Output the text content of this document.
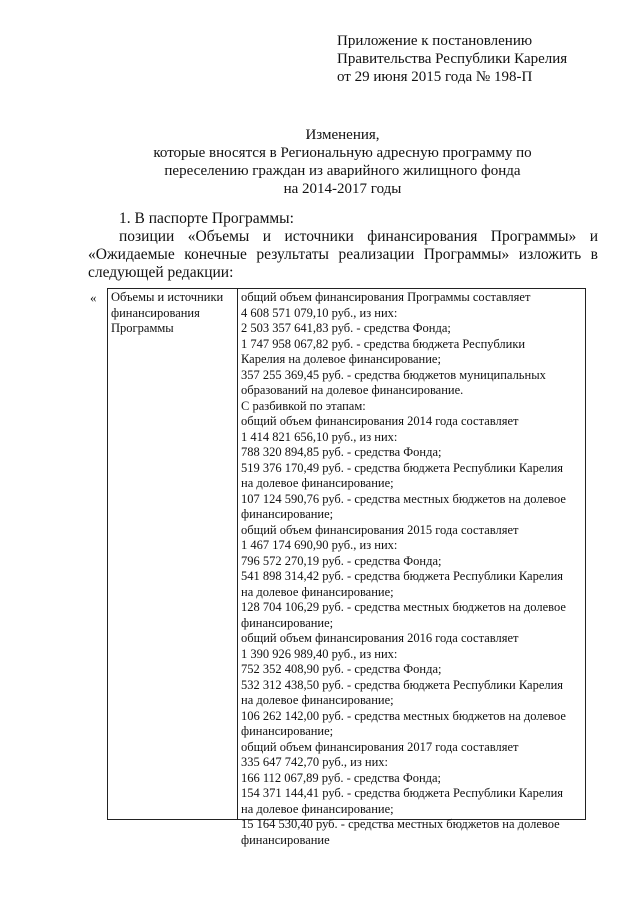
Приложение к постановлению
Правительства Республики Карелия
от 29 июня 2015 года № 198-П
Изменения,
которые вносятся в Региональную адресную программу по
переселению граждан из аварийного жилищного фонда
на 2014-2017 годы
1. В паспорте Программы:
позиции «Объемы и источники финансирования Программы» и «Ожидаемые конечные результаты реализации Программы» изложить в следующей редакции:
« Объемы и источники
финансирования
Программы
общий объем финансирования Программы составляет
4 608 571 079,10 руб., из них:
2 503 357 641,83 руб. - средства Фонда;
1 747 958 067,82 руб. - средства бюджета Республики
Карелия на долевое финансирование;
357 255 369,45 руб. - средства бюджетов муниципальных
образований на долевое финансирование.
С разбивкой по этапам:
общий объем финансирования 2014 года составляет
1 414 821 656,10 руб., из них:
788 320 894,85 руб. - средства Фонда;
519 376 170,49 руб. - средства бюджета Республики Карелия
на долевое финансирование;
107 124 590,76 руб. - средства местных бюджетов на долевое
финансирование;
общий объем финансирования 2015 года составляет
1 467 174 690,90 руб., из них:
796 572 270,19 руб. - средства Фонда;
541 898 314,42 руб. - средства бюджета Республики Карелия
на долевое финансирование;
128 704 106,29 руб. - средства местных бюджетов на долевое
финансирование;
общий объем финансирования 2016 года составляет
1 390 926 989,40 руб., из них:
752 352 408,90 руб. - средства Фонда;
532 312 438,50 руб. - средства бюджета Республики Карелия
на долевое финансирование;
106 262 142,00 руб. - средства местных бюджетов на долевое
финансирование;
общий объем финансирования 2017 года составляет
335 647 742,70 руб., из них:
166 112 067,89 руб. - средства Фонда;
154 371 144,41 руб. - средства бюджета Республики Карелия
на долевое финансирование;
15 164 530,40 руб. - средства местных бюджетов на долевое
финансирование
